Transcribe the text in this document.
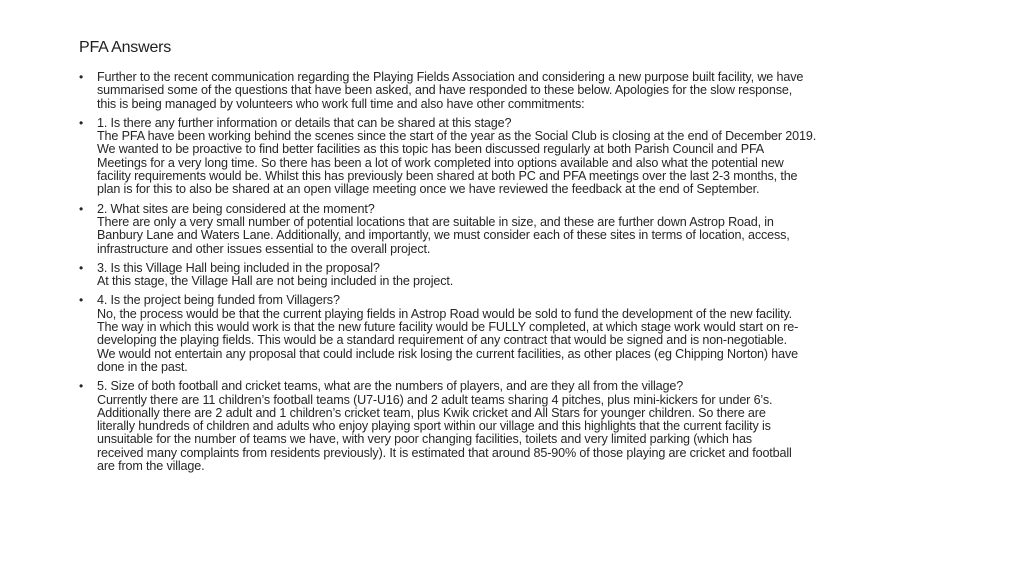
PFA Answers
• Further to the recent communication regarding the Playing Fields Association and considering a new purpose built facility, we have
summarised some of the questions that have been asked, and have responded to these below. Apologies for the slow response,
this is being managed by volunteers who work full time and also have other commitments:
• 1. Is there any further information or details that can be shared at this stage?
The PFA have been working behind the scenes since the start of the year as the Social Club is closing at the end of December 2019.
We wanted to be proactive to find better facilities as this topic has been discussed regularly at both Parish Council and PFA
Meetings for a very long time. So there has been a lot of work completed into options available and also what the potential new
facility requirements would be. Whilst this has previously been shared at both PC and PFA meetings over the last 2-3 months, the
plan is for this to also be shared at an open village meeting once we have reviewed the feedback at the end of September.
• 2. What sites are being considered at the moment?
There are only a very small number of potential locations that are suitable in size, and these are further down Astrop Road, in
Banbury Lane and Waters Lane. Additionally, and importantly, we must consider each of these sites in terms of location, access,
infrastructure and other issues essential to the overall project.
• 3. Is this Village Hall being included in the proposal?
At this stage, the Village Hall are not being included in the project.
• 4. Is the project being funded from Villagers?
No, the process would be that the current playing fields in Astrop Road would be sold to fund the development of the new facility.
The way in which this would work is that the new future facility would be FULLY completed, at which stage work would start on re-
developing the playing fields. This would be a standard requirement of any contract that would be signed and is non-negotiable.
We would not entertain any proposal that could include risk losing the current facilities, as other places (eg Chipping Norton) have
done in the past.
• 5. Size of both football and cricket teams, what are the numbers of players, and are they all from the village?
Currently there are 11 children’s football teams (U7-U16) and 2 adult teams sharing 4 pitches, plus mini-kickers for under 6’s.
Additionally there are 2 adult and 1 children’s cricket team, plus Kwik cricket and All Stars for younger children. So there are
literally hundreds of children and adults who enjoy playing sport within our village and this highlights that the current facility is
unsuitable for the number of teams we have, with very poor changing facilities, toilets and very limited parking (which has
received many complaints from residents previously). It is estimated that around 85-90% of those playing are cricket and football
are from the village.
